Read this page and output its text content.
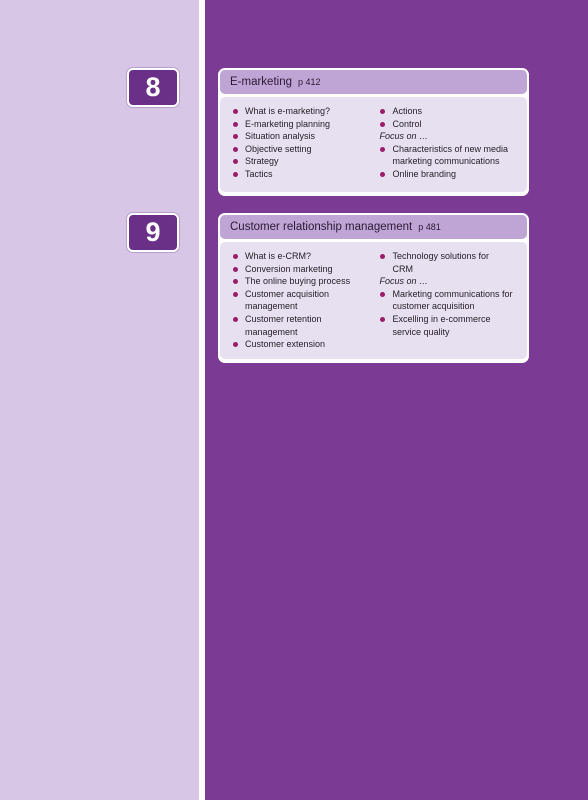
8	E-marketing p 412
What is e-marketing?
E-marketing planning
Situation analysis
Objective setting
Strategy
Tactics
Actions
Control
Focus on …
Characteristics of new media marketing communications
Online branding
9	Customer relationship management p 481
What is e-CRM?
Conversion marketing
The online buying process
Customer acquisition management
Customer retention management
Customer extension
Technology solutions for CRM
Focus on …
Marketing communications for customer acquisition
Excelling in e-commerce service quality
